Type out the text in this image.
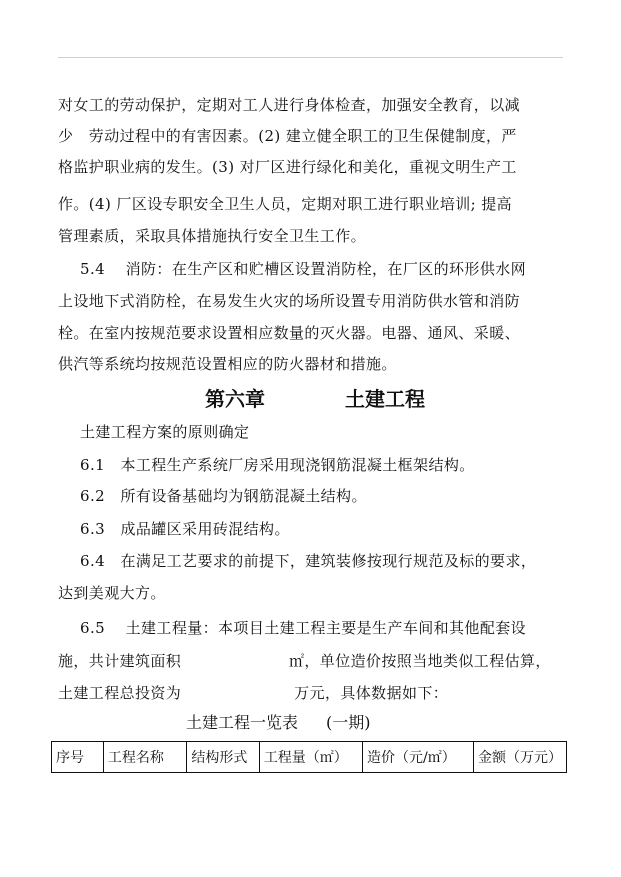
对女工的劳动保护，定期对工人进行身体检查，加强安全教育，以减
少　劳动过程中的有害因素。(2) 建立健全职工的卫生保健制度，严
格监护职业病的发生。(3) 对厂区进行绿化和美化，重视文明生产工
作。(4) 厂区设专职安全卫生人员，定期对职工进行职业培训; 提高
管理素质，采取具体措施执行安全卫生工作。
5.4　 消防：在生产区和贮槽区设置消防栓，在厂区的环形供水网
上设地下式消防栓，在易发生火灾的场所设置专用消防供水管和消防
栓。在室内按规范要求设置相应数量的灭火器。电器、通风、采暖、
供汽等系统均按规范设置相应的防火器材和措施。
第六章	土建工程
土建工程方案的原则确定
6.1　本工程生产系统厂房采用现浇钢筋混凝土框架结构。
6.2　所有设备基础均为钢筋混凝土结构。
6.3　成品罐区采用砖混结构。
6.4　在满足工艺要求的前提下，建筑装修按现行规范及标的要求，
达到美观大方。
6.5　 土建工程量：本项目土建工程主要是生产车间和其他配套设
施，共计建筑面积　　　　　　　㎡，单位造价按照当地类似工程估算，
土建工程总投资为　　　　　　　 万元，具体数据如下：
土建工程一览表 (一期)
序号	工程名称	结构形式	工程量（㎡）	造价（元/㎡）	金额（万元）
